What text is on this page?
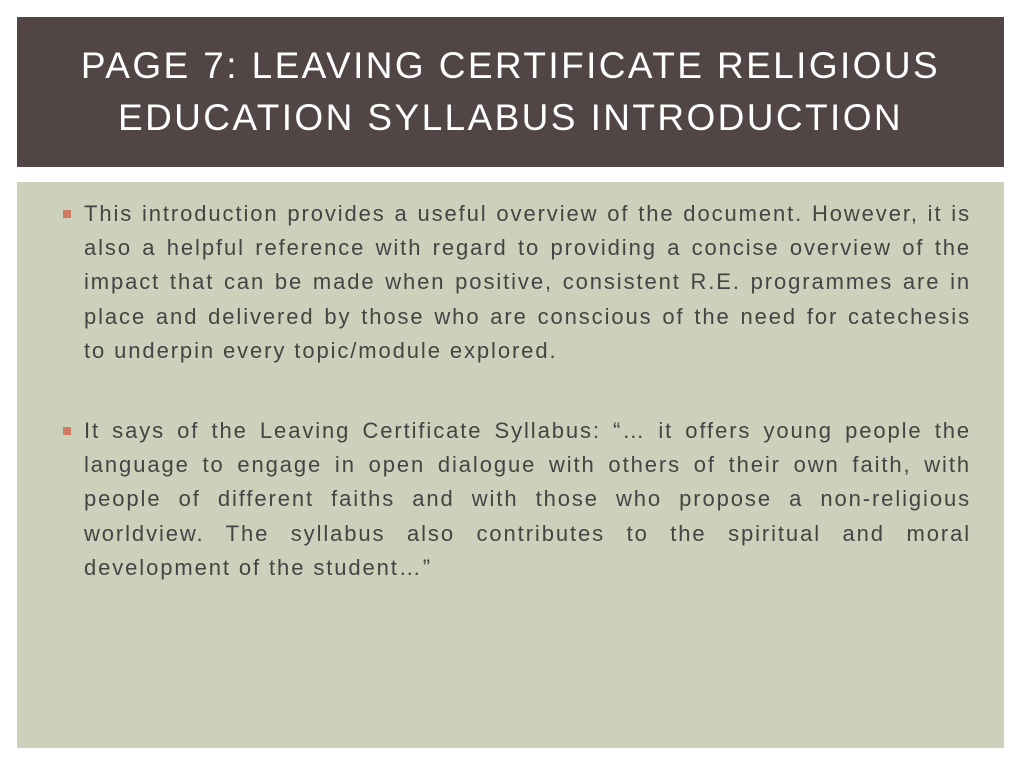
PAGE 7: LEAVING CERTIFICATE RELIGIOUS EDUCATION SYLLABUS INTRODUCTION

This introduction provides a useful overview of the document. However, it is also a helpful reference with regard to providing a concise overview of the impact that can be made when positive, consistent R.E. programmes are in place and delivered by those who are conscious of the need for catechesis to underpin every topic/module explored.

It says of the Leaving Certificate Syllabus: “… it offers young people the language to engage in open dialogue with others of their own faith, with people of different faiths and with those who propose a non-religious worldview. The syllabus also contributes to the spiritual and moral development of the student…”
